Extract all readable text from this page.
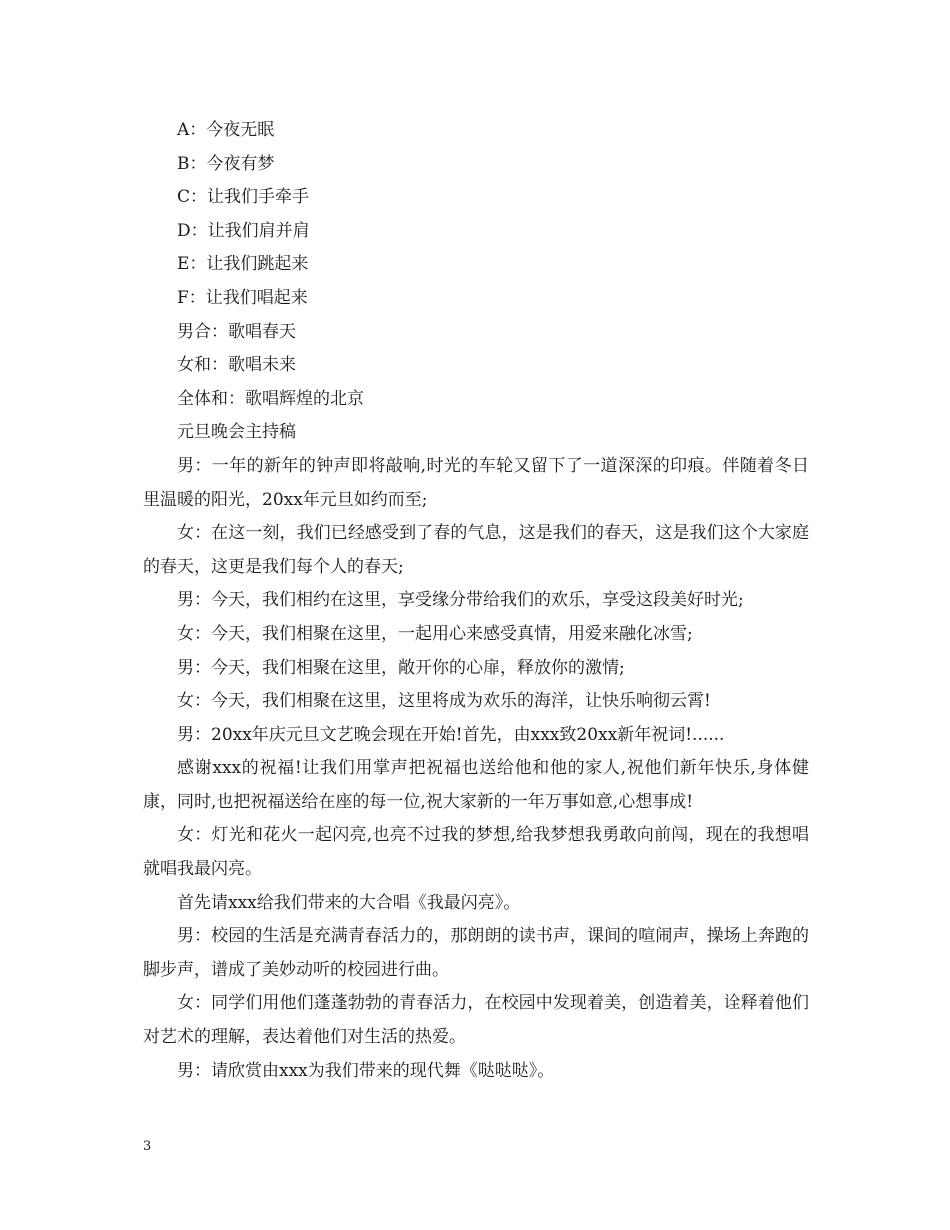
A：今夜无眠

B：今夜有梦

C：让我们手牵手

D：让我们肩并肩

E：让我们跳起来

F：让我们唱起来

男合：歌唱春天

女和：歌唱未来

全体和：歌唱辉煌的北京

元旦晚会主持稿

男：一年的新年的钟声即将敲响,时光的车轮又留下了一道深深的印痕。伴随着冬日里温暖的阳光，20xx年元旦如约而至;

女：在这一刻，我们已经感受到了春的气息，这是我们的春天，这是我们这个大家庭的春天，这更是我们每个人的春天;

男：今天，我们相约在这里，享受缘分带给我们的欢乐，享受这段美好时光;

女：今天，我们相聚在这里，一起用心来感受真情，用爱来融化冰雪;

男：今天，我们相聚在这里，敞开你的心扉，释放你的激情;

女：今天，我们相聚在这里，这里将成为欢乐的海洋，让快乐响彻云霄!

男：20xx年庆元旦文艺晚会现在开始!首先，由xxx致20xx新年祝词!......

感谢xxx的祝福!让我们用掌声把祝福也送给他和他的家人,祝他们新年快乐,身体健康，同时,也把祝福送给在座的每一位,祝大家新的一年万事如意,心想事成!

女：灯光和花火一起闪亮,也亮不过我的梦想,给我梦想我勇敢向前闯，现在的我想唱就唱我最闪亮。

首先请xxx给我们带来的大合唱《我最闪亮》。

男：校园的生活是充满青春活力的，那朗朗的读书声，课间的喧闹声，操场上奔跑的脚步声，谱成了美妙动听的校园进行曲。

女：同学们用他们蓬蓬勃勃的青春活力，在校园中发现着美，创造着美，诠释着他们对艺术的理解，表达着他们对生活的热爱。

男：请欣赏由xxx为我们带来的现代舞《哒哒哒》。

3
